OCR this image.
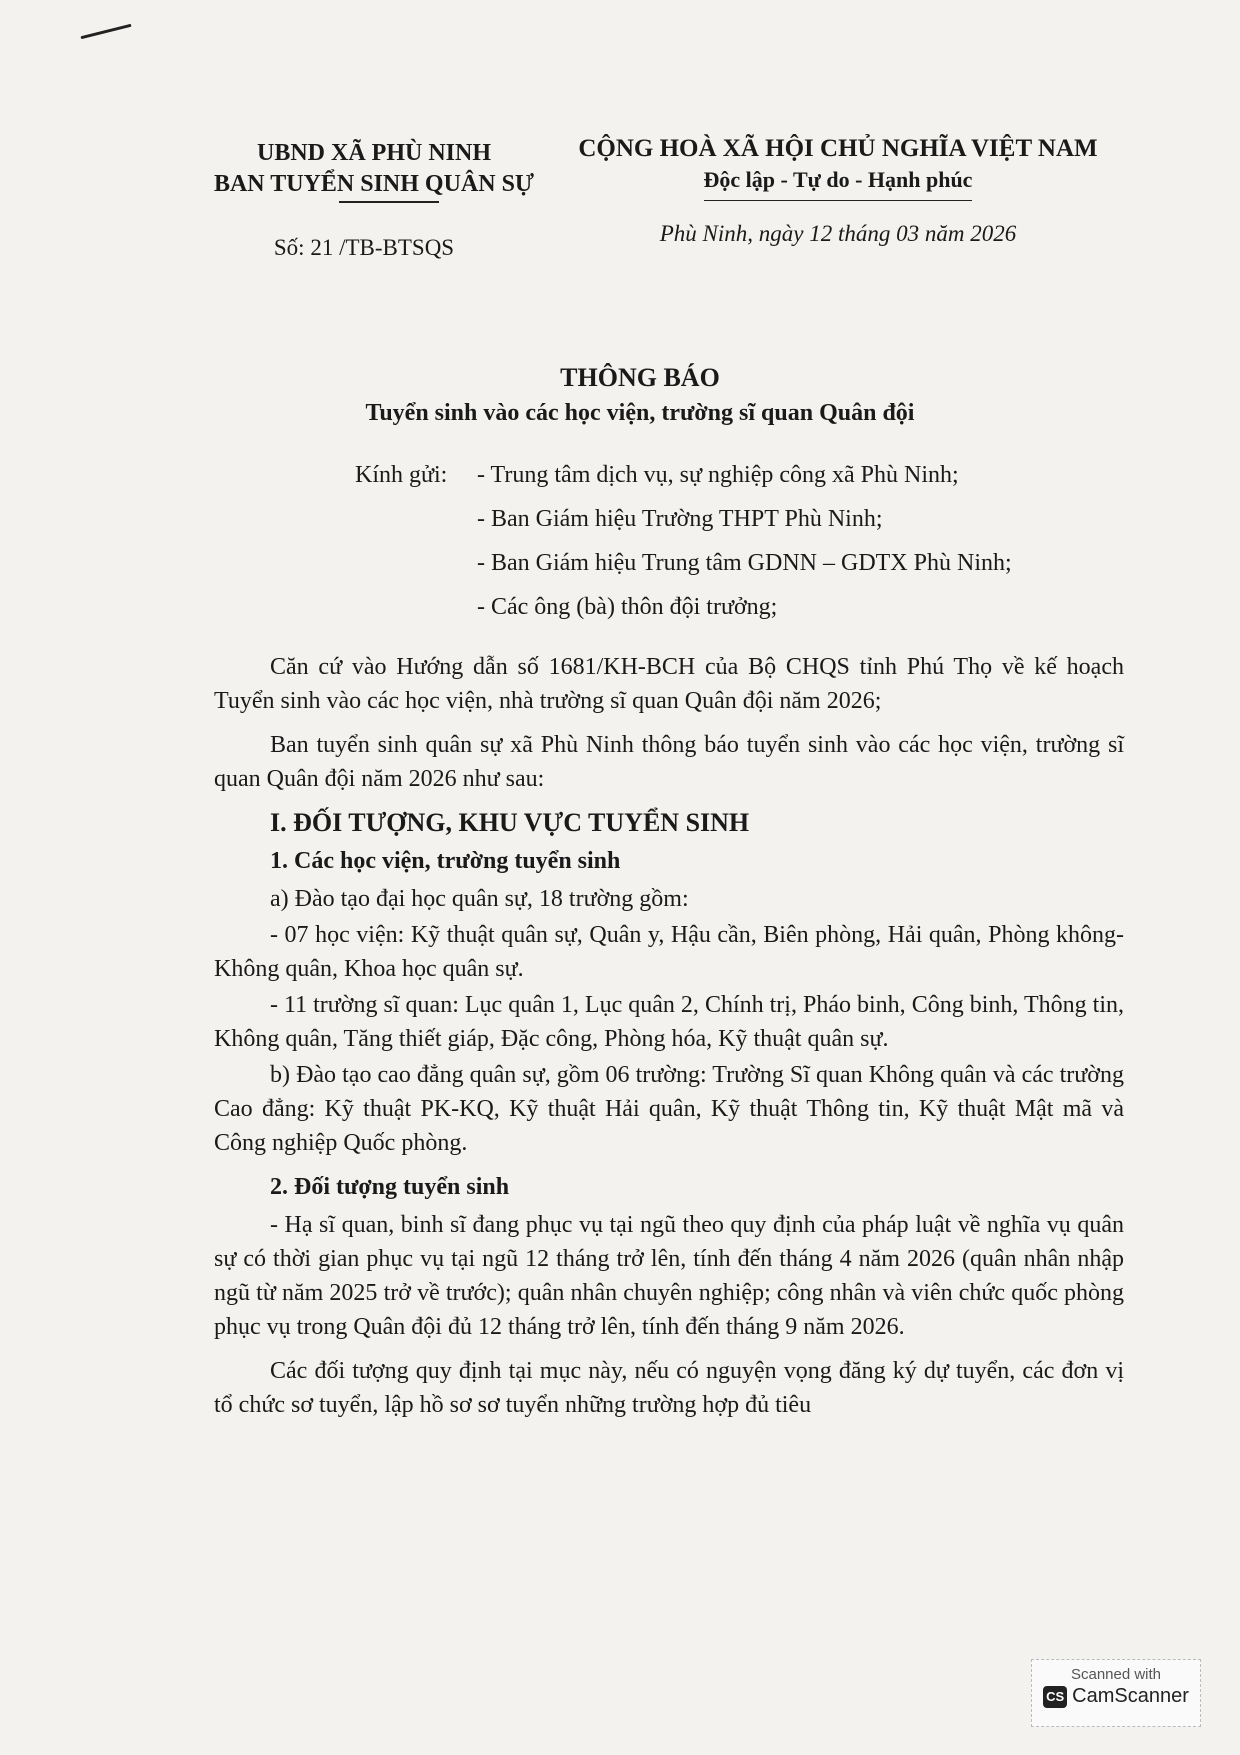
UBND XÃ PHÙ NINH
BAN TUYỂN SINH QUÂN SỰ
Số: 21 /TB-BTSQS
CỘNG HOÀ XÃ HỘI CHỦ NGHĨA VIỆT NAM
Độc lập - Tự do - Hạnh phúc
Phù Ninh, ngày 12 tháng 03 năm 2026
THÔNG BÁO
Tuyển sinh vào các học viện, trường sĩ quan Quân đội
Kính gửi:	- Trung tâm dịch vụ, sự nghiệp công xã Phù Ninh;
- Ban Giám hiệu Trường THPT Phù Ninh;
- Ban Giám hiệu Trung tâm GDNN – GDTX Phù Ninh;
- Các ông (bà) thôn đội trưởng;

Căn cứ vào Hướng dẫn số 1681/KH-BCH của Bộ CHQS tỉnh Phú Thọ về kế hoạch Tuyển sinh vào các học viện, nhà trường sĩ quan Quân đội năm 2026;

Ban tuyển sinh quân sự xã Phù Ninh thông báo tuyển sinh vào các học viện, trường sĩ quan Quân đội năm 2026 như sau:

I. ĐỐI TƯỢNG, KHU VỰC TUYỂN SINH
1. Các học viện, trường tuyển sinh

a) Đào tạo đại học quân sự, 18 trường gồm:

- 07 học viện: Kỹ thuật quân sự, Quân y, Hậu cần, Biên phòng, Hải quân, Phòng không-Không quân, Khoa học quân sự.

- 11 trường sĩ quan: Lục quân 1, Lục quân 2, Chính trị, Pháo binh, Công binh, Thông tin, Không quân, Tăng thiết giáp, Đặc công, Phòng hóa, Kỹ thuật quân sự.

b) Đào tạo cao đẳng quân sự, gồm 06 trường: Trường Sĩ quan Không quân và các trường Cao đẳng: Kỹ thuật PK-KQ, Kỹ thuật Hải quân, Kỹ thuật Thông tin, Kỹ thuật Mật mã và Công nghiệp Quốc phòng.

2. Đối tượng tuyển sinh

- Hạ sĩ quan, binh sĩ đang phục vụ tại ngũ theo quy định của pháp luật về nghĩa vụ quân sự có thời gian phục vụ tại ngũ 12 tháng trở lên, tính đến tháng 4 năm 2026 (quân nhân nhập ngũ từ năm 2025 trở về trước); quân nhân chuyên nghiệp; công nhân và viên chức quốc phòng phục vụ trong Quân đội đủ 12 tháng trở lên, tính đến tháng 9 năm 2026.

Các đối tượng quy định tại mục này, nếu có nguyện vọng đăng ký dự tuyển, các đơn vị tổ chức sơ tuyển, lập hồ sơ sơ tuyển những trường hợp đủ tiêu

Scanned with
CS CamScanner
